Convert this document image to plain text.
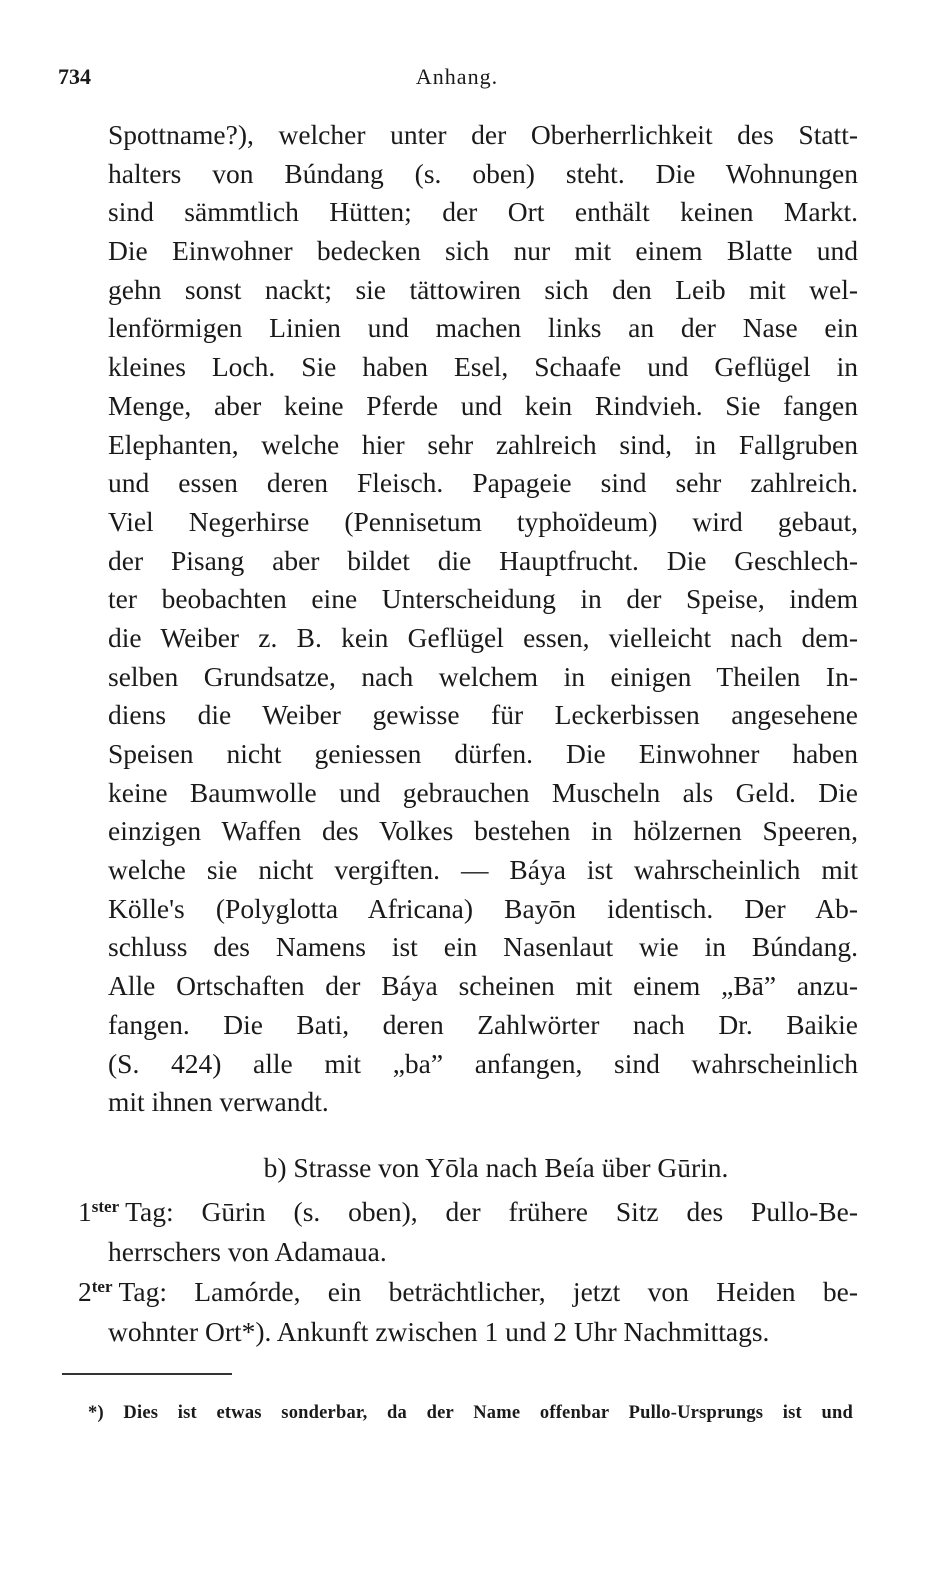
734	Anhang.
Spottname?), welcher unter der Oberherrlichkeit des Statt-
halters von Búndang (s. oben) steht. Die Wohnungen
sind sämmtlich Hütten; der Ort enthält keinen Markt.
Die Einwohner bedecken sich nur mit einem Blatte und
gehn sonst nackt; sie tättowiren sich den Leib mit wel-
lenförmigen Linien und machen links an der Nase ein
kleines Loch. Sie haben Esel, Schaafe und Geflügel in
Menge, aber keine Pferde und kein Rindvieh. Sie fangen
Elephanten, welche hier sehr zahlreich sind, in Fallgruben
und essen deren Fleisch. Papageie sind sehr zahlreich.
Viel Negerhirse (Pennisetum typhoïdeum) wird gebaut,
der Pisang aber bildet die Hauptfrucht. Die Geschlech-
ter beobachten eine Unterscheidung in der Speise, indem
die Weiber z. B. kein Geflügel essen, vielleicht nach dem-
selben Grundsatze, nach welchem in einigen Theilen In-
diens die Weiber gewisse für Leckerbissen angesehene
Speisen nicht geniessen dürfen. Die Einwohner haben
keine Baumwolle und gebrauchen Muscheln als Geld. Die
einzigen Waffen des Volkes bestehen in hölzernen Speeren,
welche sie nicht vergiften. — Báya ist wahrscheinlich mit
Kölle's (Polyglotta Africana) Bayōn identisch. Der Ab-
schluss des Namens ist ein Nasenlaut wie in Búndang.
Alle Ortschaften der Báya scheinen mit einem „Bā” anzu-
fangen. Die Bati, deren Zahlwörter nach Dr. Baikie
(S. 424) alle mit „ba” anfangen, sind wahrscheinlich
mit ihnen verwandt.
b) Strasse von Yōla nach Beía über Gūrin.
$1^{ster}$ Tag: Gūrin (s. oben), der frühere Sitz des Pullo-Be-
herrschers von Adamaua.
$2^{ter}$ Tag: Lamórde, ein beträchtlicher, jetzt von Heiden be-
wohnter Ort*). Ankunft zwischen 1 und 2 Uhr Nachmittags.
*) Dies ist etwas sonderbar, da der Name offenbar Pullo-Ursprungs ist und
